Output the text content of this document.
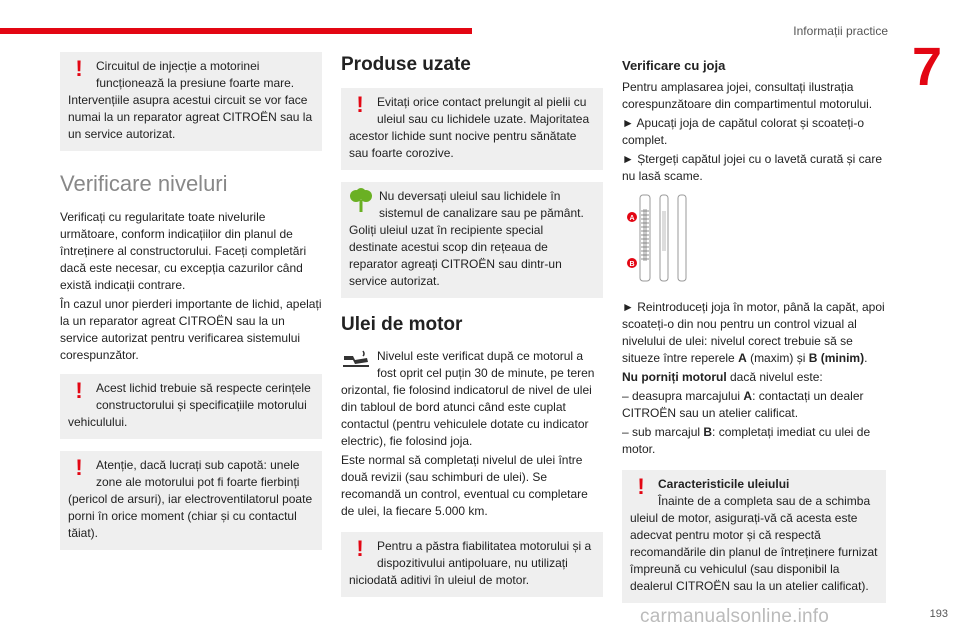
Informații practice
7
!	Circuitul de injecție a motorinei funcționează la presiune foarte mare. Intervențiile asupra acestui circuit se vor face numai la un reparator agreat CITROËN sau la un service autorizat.

Verificare niveluri

Verificați cu regularitate toate nivelurile următoare, conform indicațiilor din planul de întreținere al constructorului. Faceți completări dacă este necesar, cu excepția cazurilor când există indicații contrare.

În cazul unor pierderi importante de lichid, apelați la un reparator agreat CITROËN sau la un service autorizat pentru verificarea sistemului corespunzător.

!	Acest lichid trebuie să respecte cerințele constructorului și specificațiile motorului vehiculului.

!	Atenție, dacă lucrați sub capotă: unele zone ale motorului pot fi foarte fierbinți (pericol de arsuri), iar electroventilatorul poate porni în orice moment (chiar și cu contactul tăiat).

Produse uzate
!	Evitați orice contact prelungit al pielii cu uleiul sau cu lichidele uzate. Majoritatea acestor lichide sunt nocive pentru sănătate sau foarte corozive.

Nu deversați uleiul sau lichidele în sistemul de canalizare sau pe pământ. Goliți uleiul uzat în recipiente special destinate acestui scop din rețeaua de reparator agreați CITROËN sau dintr-un service autorizat.

Ulei de motor

Nivelul este verificat după ce motorul a fost oprit cel puțin 30 de minute, pe teren orizontal, fie folosind indicatorul de nivel de ulei din tabloul de bord atunci când este cuplat contactul (pentru vehiculele dotate cu indicator electric), fie folosind joja.

Este normal să completați nivelul de ulei între două revizii (sau schimburi de ulei). Se recomandă un control, eventual cu completare de ulei, la fiecare 5.000 km.

!	Pentru a păstra fiabilitatea motorului și a dispozitivului antipoluare, nu utilizați niciodată aditivi în uleiul de motor.

Verificare cu joja

Pentru amplasarea jojei, consultați ilustrația corespunzătoare din compartimentul motorului.

► Apucați joja de capătul colorat și scoateți-o complet.

► Ștergeți capătul jojei cu o lavetă curată și care nu lasă scame.

A
B

► Reintroduceți joja în motor, până la capăt, apoi scoateți-o din nou pentru un control vizual al nivelului de ulei: nivelul corect trebuie să se situeze între reperele A (maxim) și B (minim).

Nu porniți motorul dacă nivelul este:

– deasupra marcajului A: contactați un dealer CITROËN sau un atelier calificat.

– sub marcajul B: completați imediat cu ulei de motor.

!	Caracteristicile uleiului

Înainte de a completa sau de a schimba uleiul de motor, asigurați-vă că acesta este adecvat pentru motor și că respectă recomandările din planul de întreținere furnizat împreună cu vehiculul (sau disponibil la dealerul CITROËN sau la un atelier calificat).

carmanualsonline.info	193
